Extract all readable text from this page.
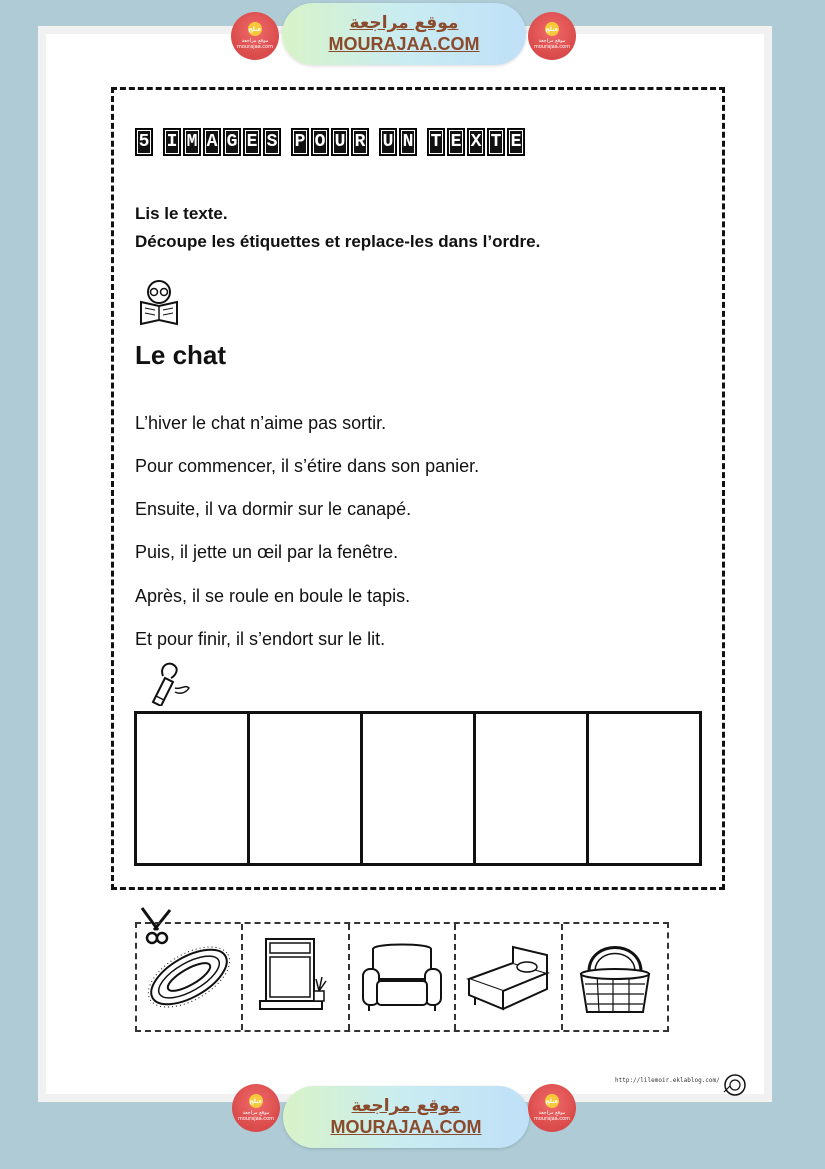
عبلج
موقع مراجعة
mourajaa.com
موقع مراجعة
MOURAJAA.COM
عبلج
موقع مراجعة
mourajaa.com
5 I M A G E S P O U R U N T E X T E
Lis le texte.
Découpe les étiquettes et replace-les dans l’ordre.
Le chat
L’hiver le chat n’aime pas sortir.
Pour commencer, il s’étire dans son panier.
Ensuite, il va dormir sur le canapé.
Puis, il jette un œil par la fenêtre.
Après, il se roule en boule le tapis.
Et pour finir, il s’endort sur le lit.
http://lilemoir.eklablog.com/
عبلج
موقع مراجعة
mourajaa.com
موقع مراجعة
MOURAJAA.COM
عبلج
موقع مراجعة
mourajaa.com
